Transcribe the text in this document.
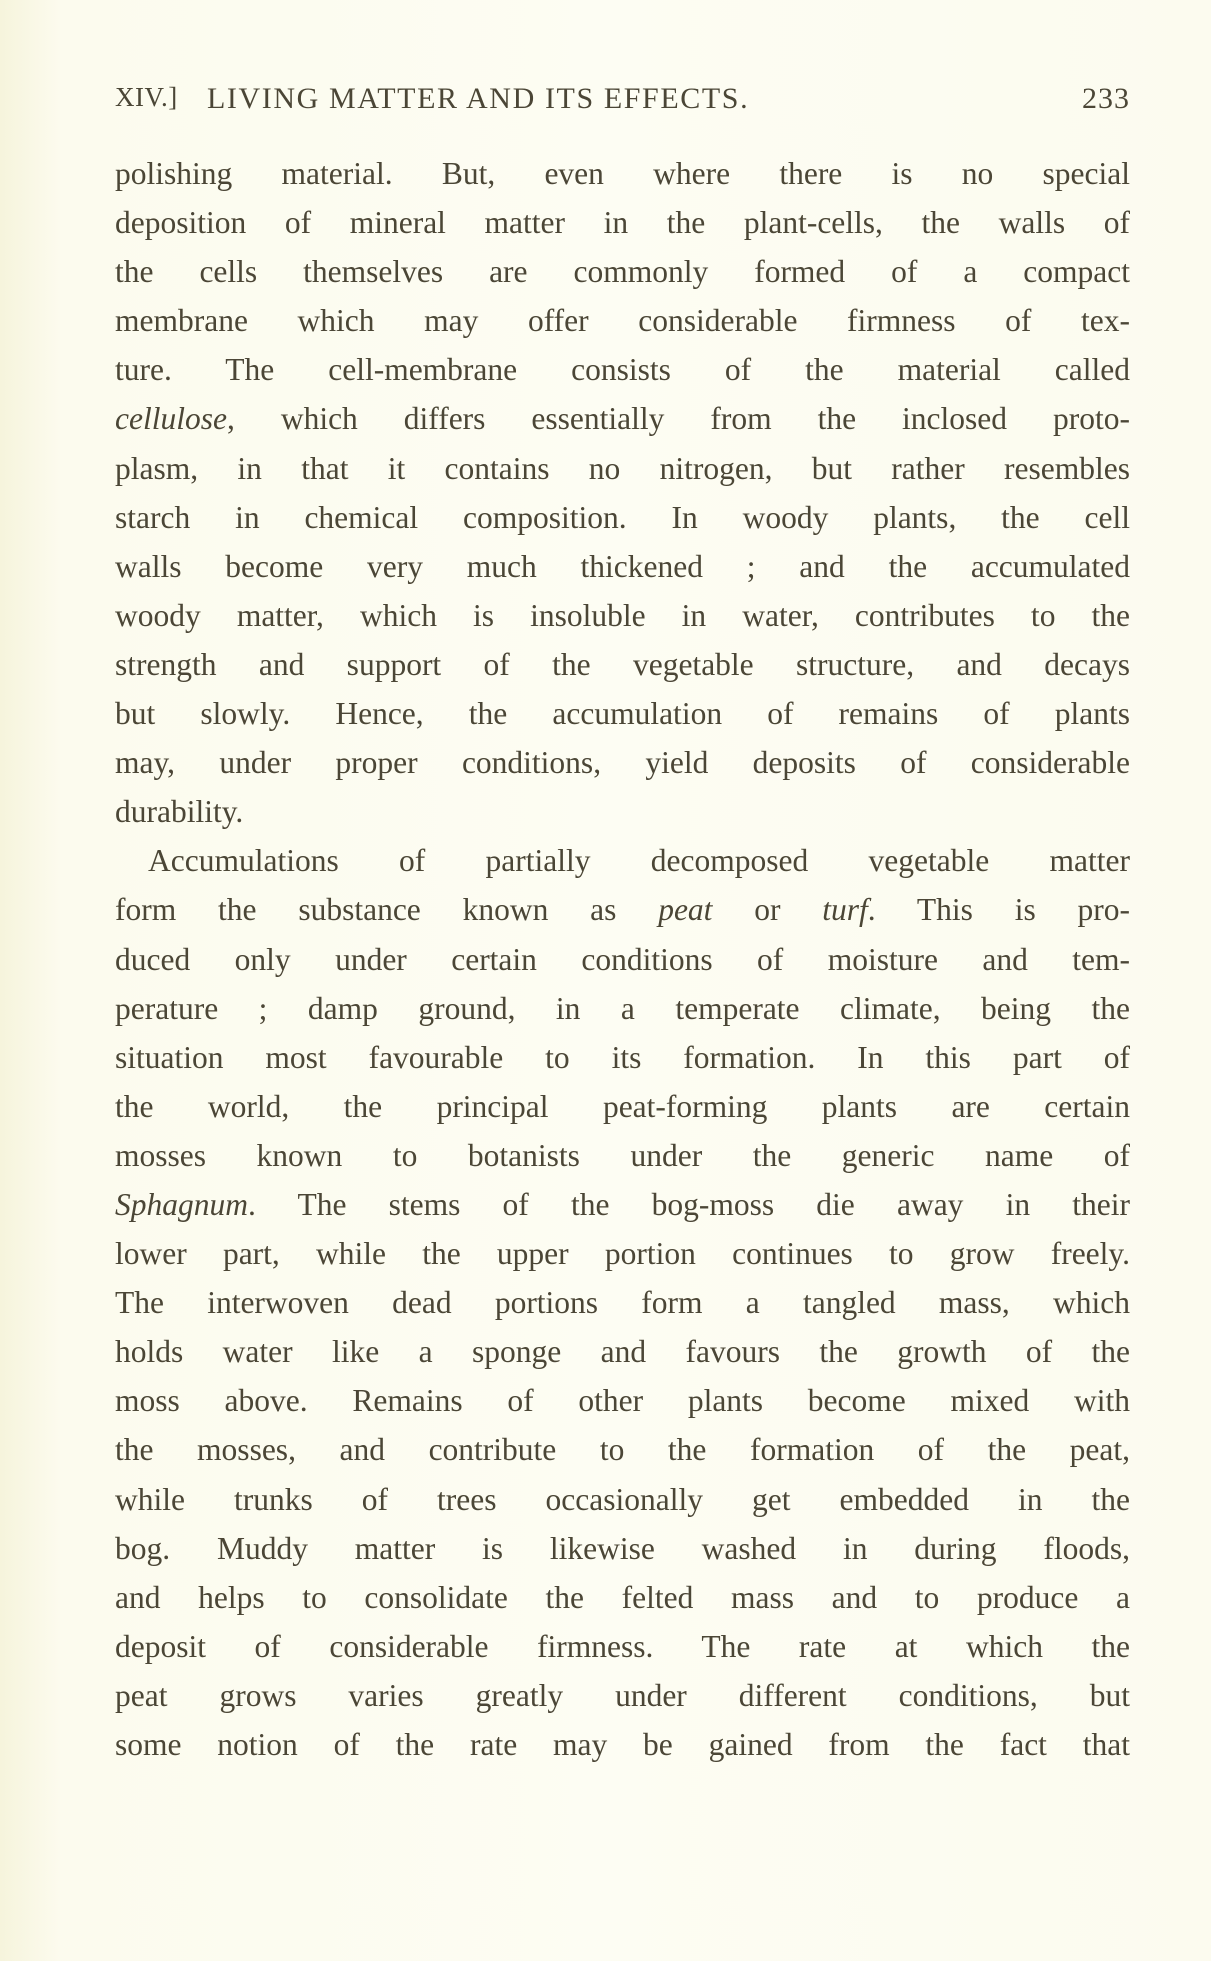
XIV.] LIVING MATTER AND ITS EFFECTS.	233
polishing material. But, even where there is no special
deposition of mineral matter in the plant-cells, the walls of
the cells themselves are commonly formed of a compact
membrane which may offer considerable firmness of tex-
ture. The cell-membrane consists of the material called
cellulose, which differs essentially from the inclosed proto-
plasm, in that it contains no nitrogen, but rather resembles
starch in chemical composition. In woody plants, the cell
walls become very much thickened ; and the accumulated
woody matter, which is insoluble in water, contributes to the
strength and support of the vegetable structure, and decays
but slowly. Hence, the accumulation of remains of plants
may, under proper conditions, yield deposits of considerable
durability.
Accumulations of partially decomposed vegetable matter
form the substance known as peat or turf. This is pro-
duced only under certain conditions of moisture and tem-
perature ; damp ground, in a temperate climate, being the
situation most favourable to its formation. In this part of
the world, the principal peat-forming plants are certain
mosses known to botanists under the generic name of
Sphagnum. The stems of the bog-moss die away in their
lower part, while the upper portion continues to grow freely.
The interwoven dead portions form a tangled mass, which
holds water like a sponge and favours the growth of the
moss above. Remains of other plants become mixed with
the mosses, and contribute to the formation of the peat,
while trunks of trees occasionally get embedded in the
bog. Muddy matter is likewise washed in during floods,
and helps to consolidate the felted mass and to produce a
deposit of considerable firmness. The rate at which the
peat grows varies greatly under different conditions, but
some notion of the rate may be gained from the fact that
